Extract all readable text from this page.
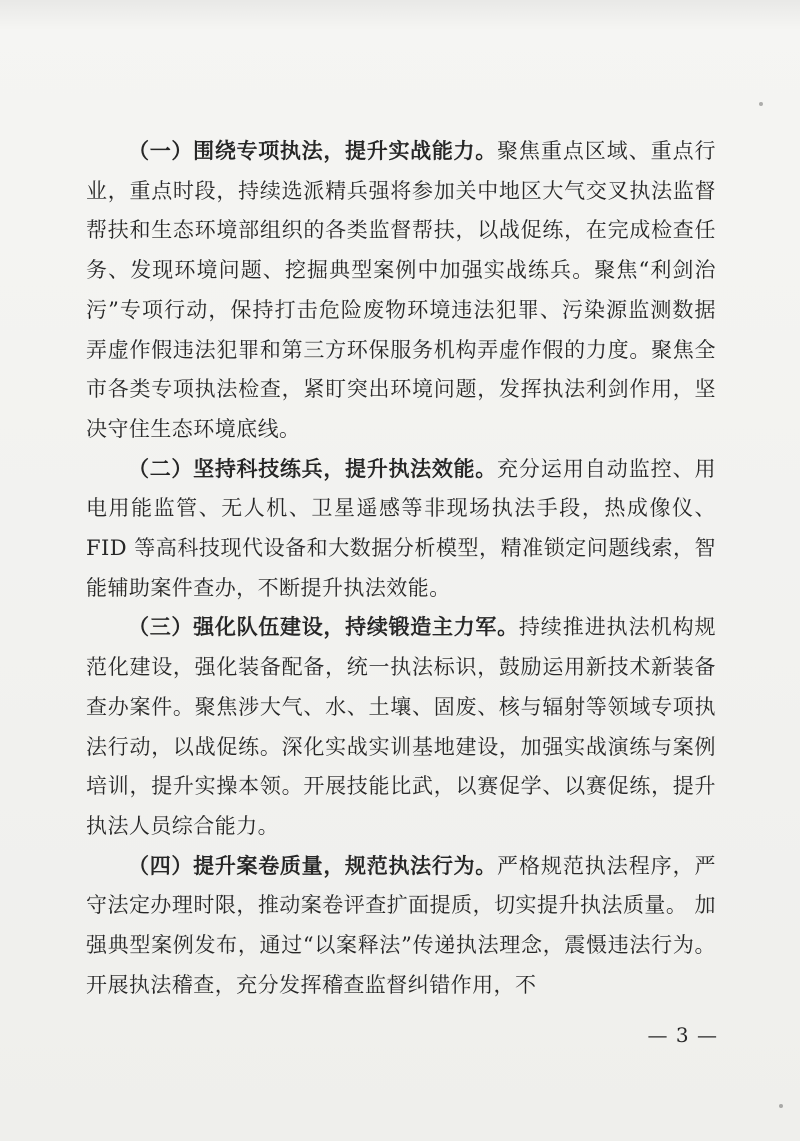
（一）围绕专项执法，提升实战能力。聚焦重点区域、重点行业，重点时段，持续选派精兵强将参加关中地区大气交叉执法监督帮扶和生态环境部组织的各类监督帮扶，以战促练，在完成检查任务、发现环境问题、挖掘典型案例中加强实战练兵。聚焦“利剑治污”专项行动，保持打击危险废物环境违法犯罪、污染源监测数据弄虚作假违法犯罪和第三方环保服务机构弄虚作假的力度。聚焦全市各类专项执法检查，紧盯突出环境问题，发挥执法利剑作用，坚决守住生态环境底线。

（二）坚持科技练兵，提升执法效能。充分运用自动监控、用电用能监管、无人机、卫星遥感等非现场执法手段，热成像仪、FID 等高科技现代设备和大数据分析模型，精准锁定问题线索，智能辅助案件查办，不断提升执法效能。

（三）强化队伍建设，持续锻造主力军。持续推进执法机构规范化建设，强化装备配备，统一执法标识，鼓励运用新技术新装备查办案件。聚焦涉大气、水、土壤、固废、核与辐射等领域专项执法行动，以战促练。深化实战实训基地建设，加强实战演练与案例培训，提升实操本领。开展技能比武，以赛促学、以赛促练，提升执法人员综合能力。

（四）提升案卷质量，规范执法行为。严格规范执法程序，严守法定办理时限，推动案卷评查扩面提质，切实提升执法质量。 加强典型案例发布，通过“以案释法”传递执法理念，震慑违法行为。开展执法稽查，充分发挥稽查监督纠错作用，不

— 3 —
